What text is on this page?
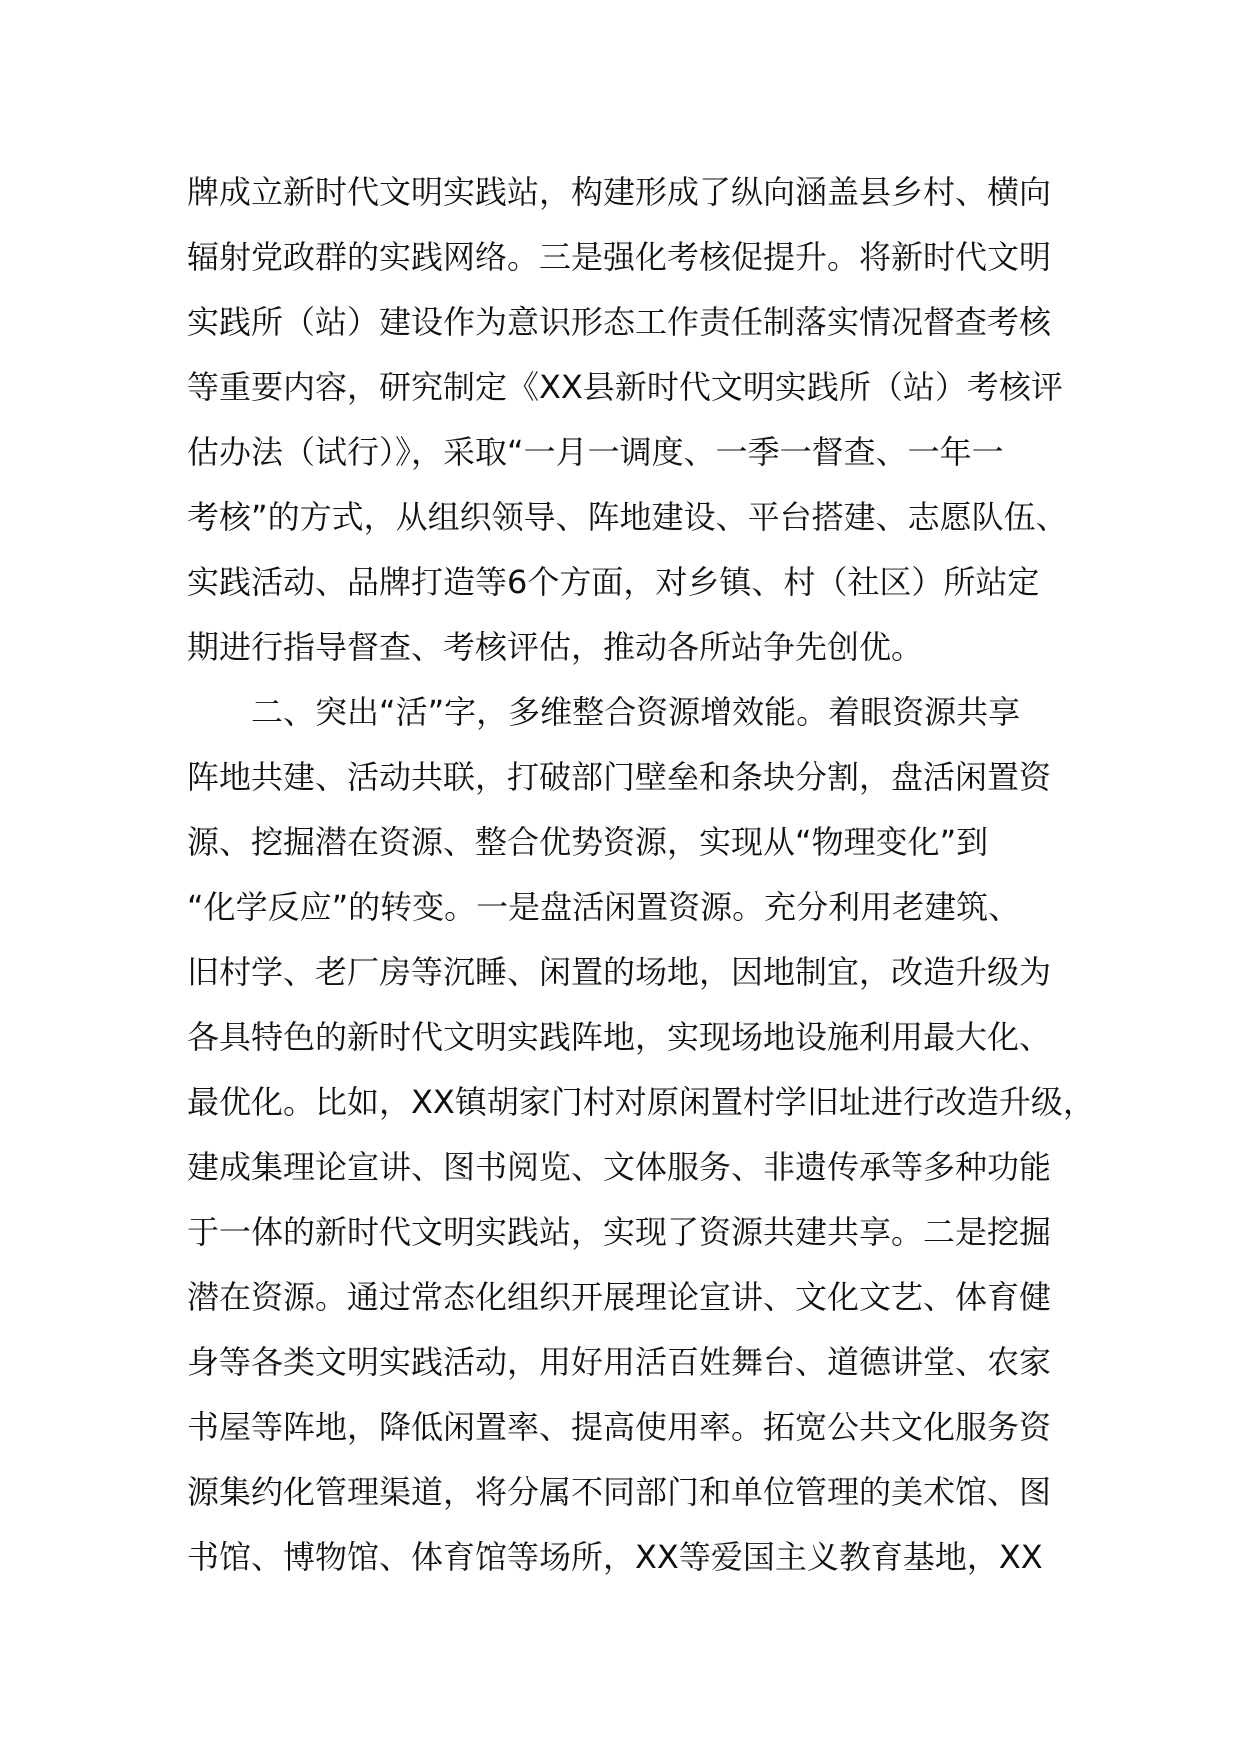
牌成立新时代文明实践站，构建形成了纵向涵盖县乡村、横向
辐射党政群的实践网络。三是强化考核促提升。将新时代文明
实践所（站）建设作为意识形态工作责任制落实情况督查考核
等重要内容，研究制定《XX县新时代文明实践所（站）考核评
估办法（试行）》，采取“一月一调度、一季一督查、一年一
考核”的方式，从组织领导、阵地建设、平台搭建、志愿队伍、
实践活动、品牌打造等6个方面，对乡镇、村（社区）所站定
期进行指导督查、考核评估，推动各所站争先创优。
二、突出“活”字，多维整合资源增效能。着眼资源共享
阵地共建、活动共联，打破部门壁垒和条块分割，盘活闲置资
源、挖掘潜在资源、整合优势资源，实现从“物理变化”到
“化学反应”的转变。一是盘活闲置资源。充分利用老建筑、
旧村学、老厂房等沉睡、闲置的场地，因地制宜，改造升级为
各具特色的新时代文明实践阵地，实现场地设施利用最大化、
最优化。比如，XX镇胡家门村对原闲置村学旧址进行改造升级，
建成集理论宣讲、图书阅览、文体服务、非遗传承等多种功能
于一体的新时代文明实践站，实现了资源共建共享。二是挖掘
潜在资源。通过常态化组织开展理论宣讲、文化文艺、体育健
身等各类文明实践活动，用好用活百姓舞台、道德讲堂、农家
书屋等阵地，降低闲置率、提高使用率。拓宽公共文化服务资
源集约化管理渠道，将分属不同部门和单位管理的美术馆、图
书馆、博物馆、体育馆等场所，XX等爱国主义教育基地，XX
